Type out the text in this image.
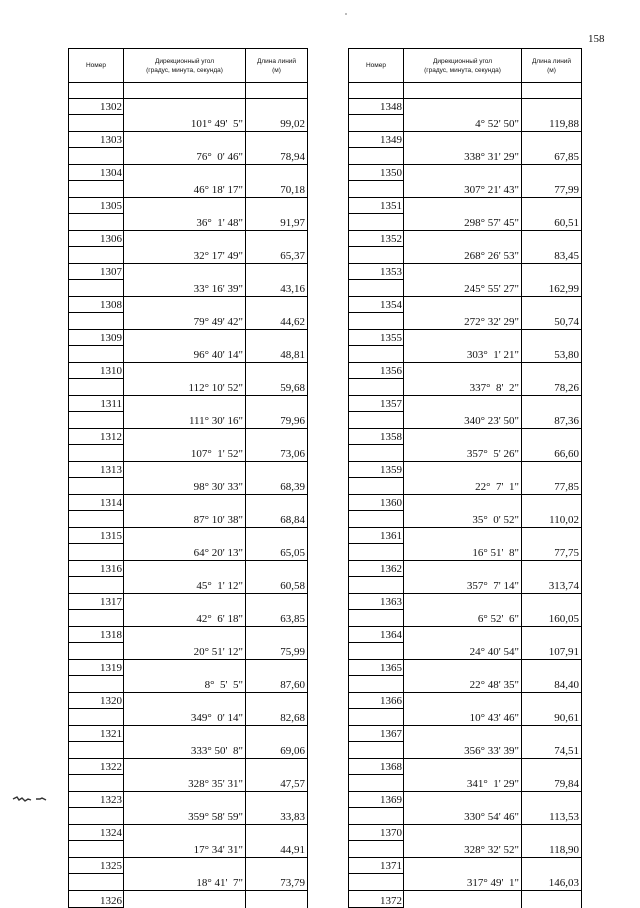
158
Номер	Дирекционный угол
(градус, минута, секунда)	Длина линий
(м)

1302		
	101° 49'  5"	99,02
1303		
	76°  0' 46"	78,94
1304		
	46° 18' 17"	70,18
1305		
	36°  1' 48"	91,97
1306		
	32° 17' 49"	65,37
1307		
	33° 16' 39"	43,16
1308		
	79° 49' 42"	44,62
1309		
	96° 40' 14"	48,81
1310		
	112° 10' 52"	59,68
1311		
	111° 30' 16"	79,96
1312		
	107°  1' 52"	73,06
1313		
	98° 30' 33"	68,39
1314		
	87° 10' 38"	68,84
1315		
	64° 20' 13"	65,05
1316		
	45°  1' 12"	60,58
1317		
	42°  6' 18"	63,85
1318		
	20° 51' 12"	75,99
1319		
	8°  5'  5"	87,60
1320		
	349°  0' 14"	82,68
1321		
	333° 50'  8"	69,06
1322		
	328° 35' 31"	47,57
1323		
	359° 58' 59"	33,83
1324		
	17° 34' 31"	44,91
1325		
	18° 41'  7"	73,79
1326		
Номер	Дирекционный угол
(градус, минута, секунда)	Длина линий
(м)

1348		
	4° 52' 50"	119,88
1349		
	338° 31' 29"	67,85
1350		
	307° 21' 43"	77,99
1351		
	298° 57' 45"	60,51
1352		
	268° 26' 53"	83,45
1353		
	245° 55' 27"	162,99
1354		
	272° 32' 29"	50,74
1355		
	303°  1' 21"	53,80
1356		
	337°  8'  2"	78,26
1357		
	340° 23' 50"	87,36
1358		
	357°  5' 26"	66,60
1359		
	22°  7'  1"	77,85
1360		
	35°  0' 52"	110,02
1361		
	16° 51'  8"	77,75
1362		
	357°  7' 14"	313,74
1363		
	6° 52'  6"	160,05
1364		
	24° 40' 54"	107,91
1365		
	22° 48' 35"	84,40
1366		
	10° 43' 46"	90,61
1367		
	356° 33' 39"	74,51
1368		
	341°  1' 29"	79,84
1369		
	330° 54' 46"	113,53
1370		
	328° 32' 52"	118,90
1371		
	317° 49'  1"	146,03
1372		
